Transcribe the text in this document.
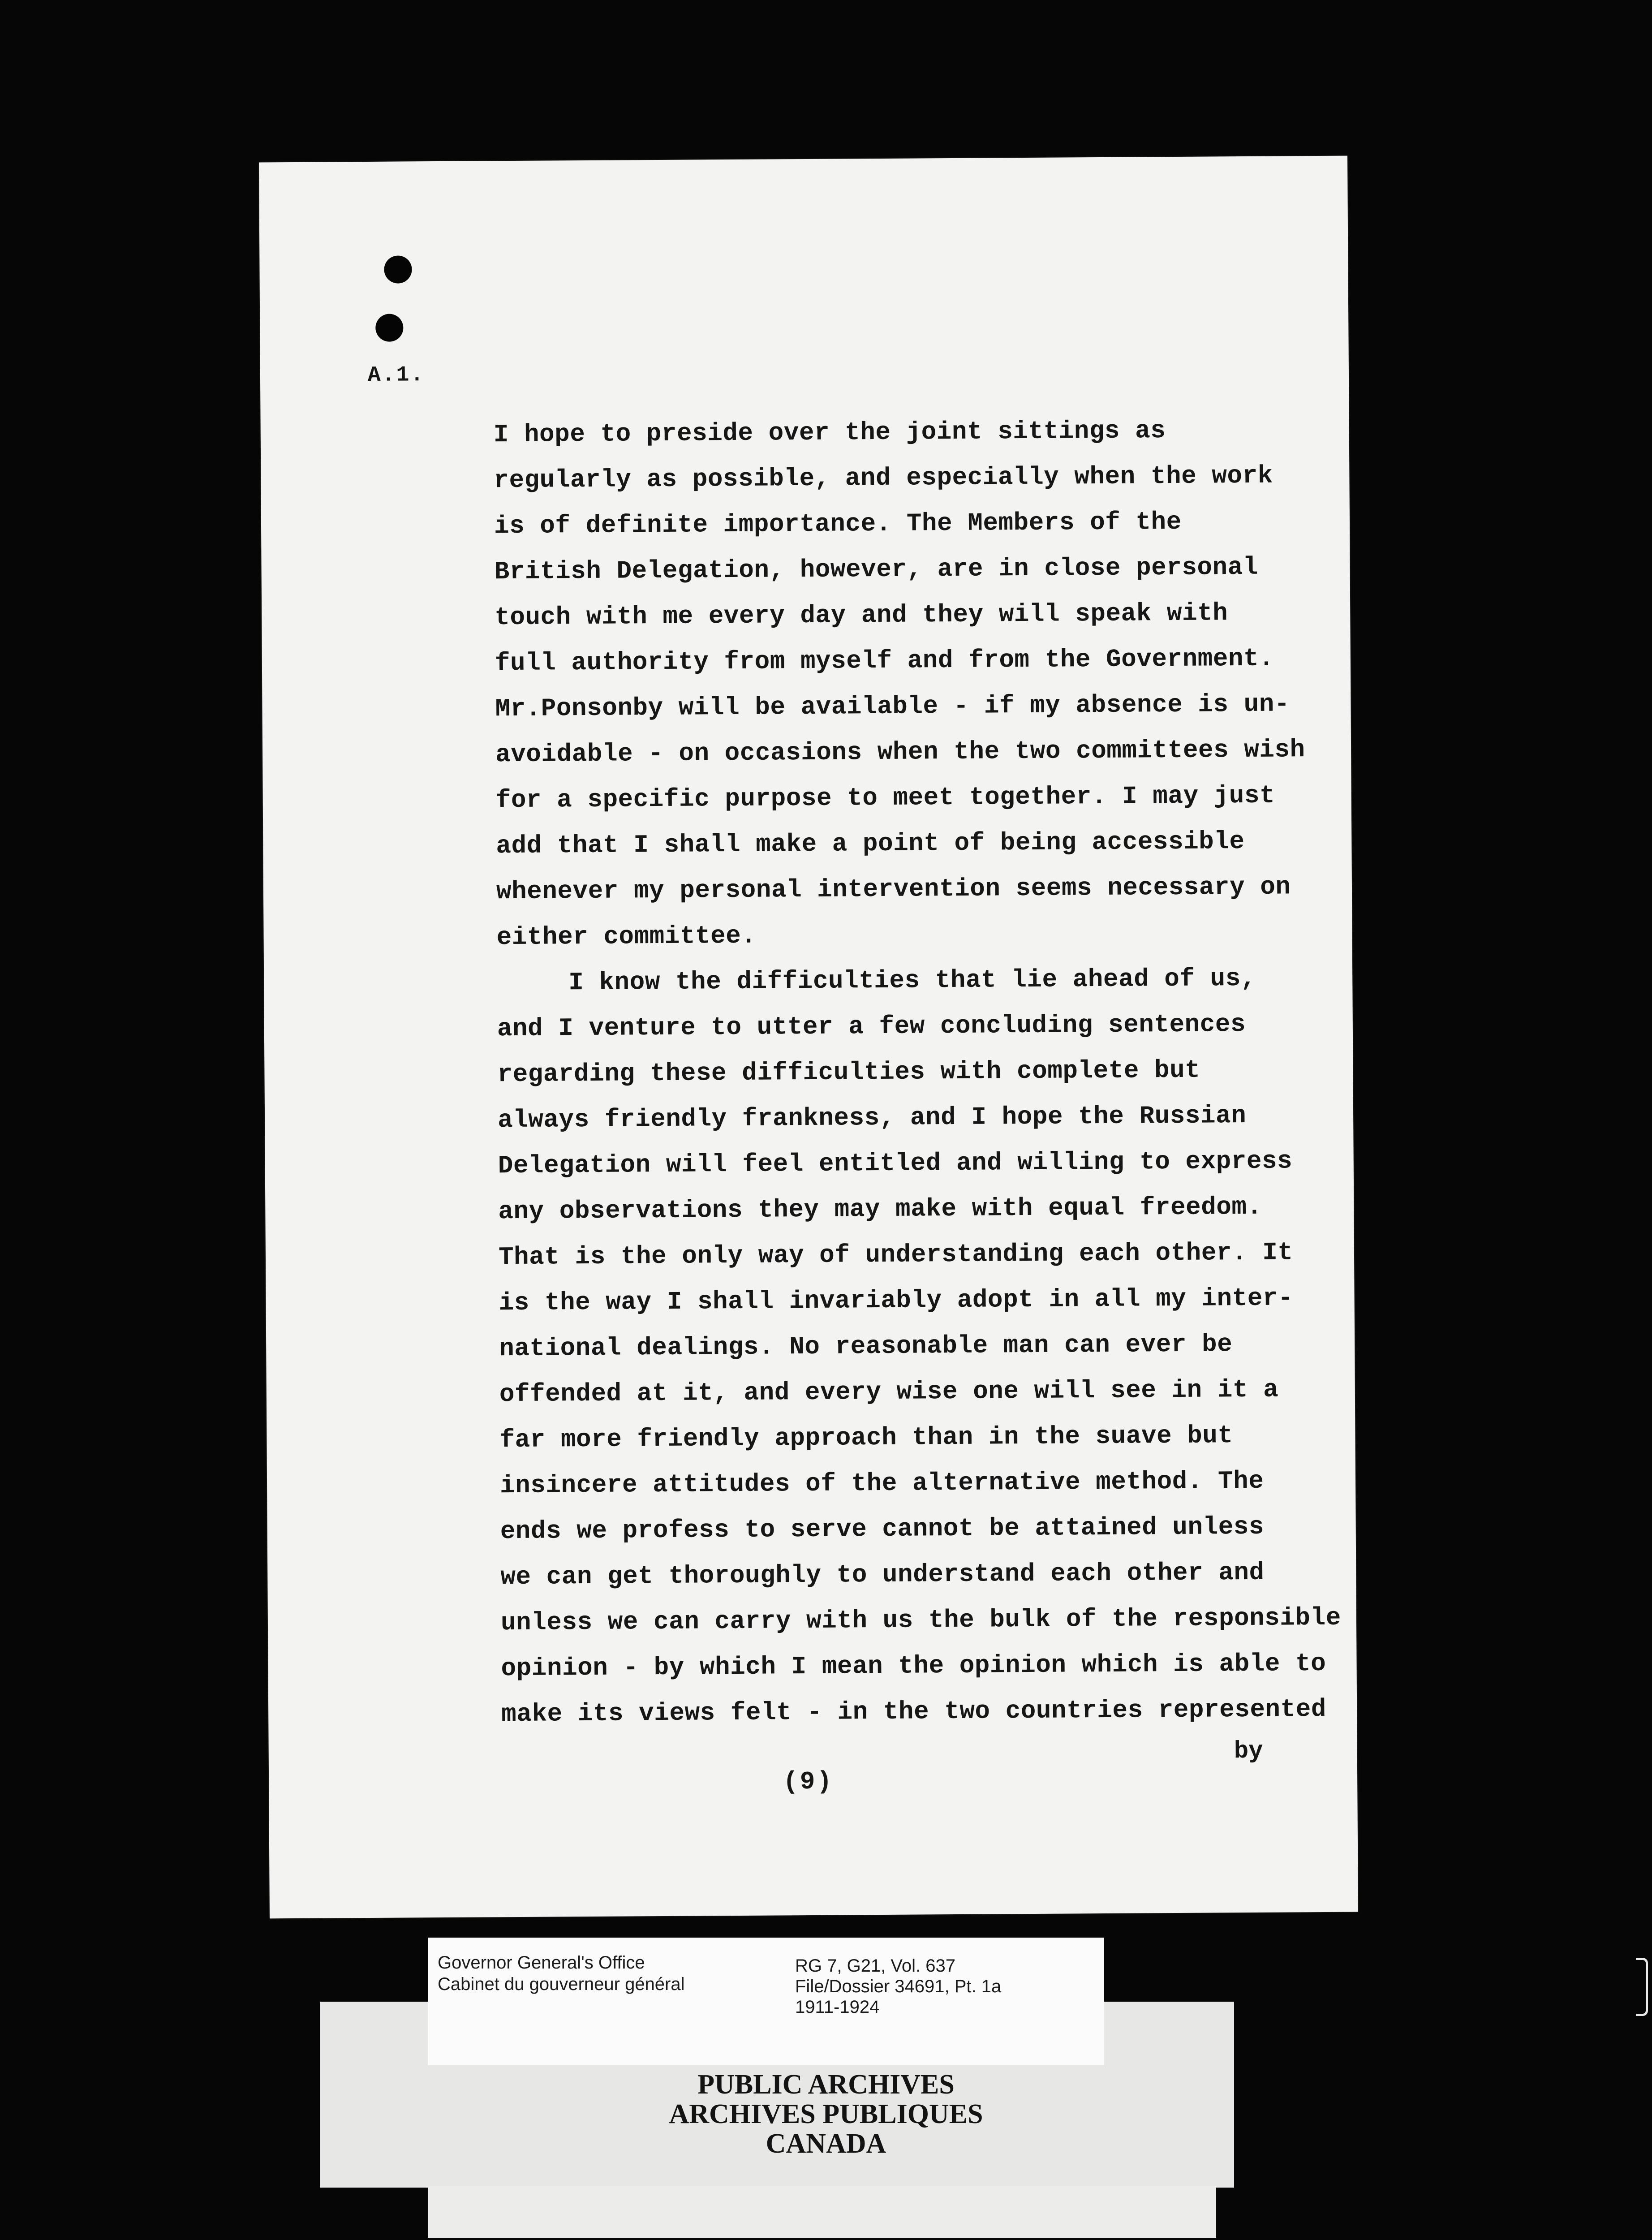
A.1.
I hope to preside over the joint sittings as
regularly as possible, and especially when the work
is of definite importance. The Members of the
British Delegation, however, are in close personal
touch with me every day and they will speak with
full authority from myself and from the Government.
Mr.Ponsonby will be available - if my absence is un-
avoidable - on occasions when the two committees wish
for a specific purpose to meet together. I may just
add that I shall make a point of being accessible
whenever my personal intervention seems necessary on
either committee.
I know the difficulties that lie ahead of us,
and I venture to utter a few concluding sentences
regarding these difficulties with complete but
always friendly frankness, and I hope the Russian
Delegation will feel entitled and willing to express
any observations they may make with equal freedom.
That is the only way of understanding each other. It
is the way I shall invariably adopt in all my inter-
national dealings. No reasonable man can ever be
offended at it, and every wise one will see in it a
far more friendly approach than in the suave but
insincere attitudes of the alternative method. The
ends we profess to serve cannot be attained unless
we can get thoroughly to understand each other and
unless we can carry with us the bulk of the responsible
opinion - by which I mean the opinion which is able to
make its views felt - in the two countries represented
by
(9)
Governor General's Office
Cabinet du gouverneur général
RG 7, G21, Vol. 637
File/Dossier 34691, Pt. 1a
1911-1924
PUBLIC ARCHIVES
ARCHIVES PUBLIQUES
CANADA
